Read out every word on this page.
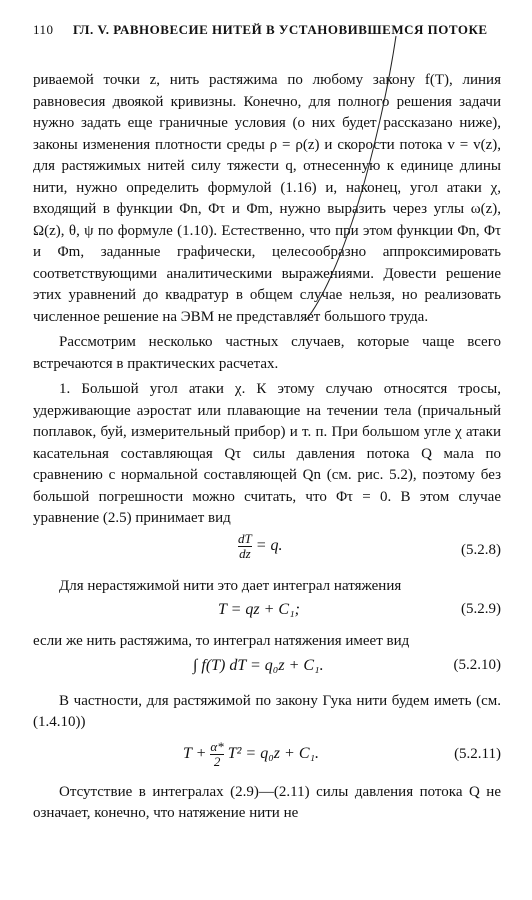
110	ГЛ. V. РАВНОВЕСИЕ НИТЕЙ В УСТАНОВИВШЕМСЯ ПОТОКЕ

риваемой точки z, нить растяжима по любому закону f(T), линия равновесия двоякой кривизны. Конечно, для полного решения задачи нужно задать еще граничные условия (о них будет рассказано ниже), законы изменения плотности среды ρ = ρ(z) и скорости потока v = v(z), для растяжимых нитей силу тяжести q, отнесенную к единице длины нити, нужно определить формулой (1.16) и, наконец, угол атаки χ, входящий в функции Φn, Φτ и Φm, нужно выразить через углы ω(z), Ω(z), θ, ψ по формуле (1.10). Естественно, что при этом функции Φn, Φτ и Φm, заданные графически, целесообразно аппроксимировать соответствующими аналитическими выражениями. Довести решение этих уравнений до квадратур в общем случае нельзя, но реализовать численное решение на ЭВМ не представляет большого труда.

Рассмотрим несколько частных случаев, которые чаще всего встречаются в практических расчетах.

1. Большой угол атаки χ. К этому случаю относятся тросы, удерживающие аэростат или плавающие на течении тела (причальный поплавок, буй, измерительный прибор) и т. п. При большом угле χ атаки касательная составляющая Qτ силы давления потока Q мала по сравнению с нормальной составляющей Qn (см. рис. 5.2), поэтому без большой погрешности можно считать, что Φτ = 0. В этом случае уравнение (2.5) принимает вид

$\frac{dT}{dz} = q$.	(5.2.8)

Для нерастяжимой нити это дает интеграл натяжения

T = qz + C₁;	(5.2.9)

если же нить растяжима, то интеграл натяжения имеет вид

∫ f(T) dT = q₀z + C₁.	(5.2.10)

В частности, для растяжимой по закону Гука нити будем иметь (см. (1.4.10))

$T + \frac{\alpha*}{2} T^2 = q_0z + C_1$.	(5.2.11)

Отсутствие в интегралах (2.9)—(2.11) силы давления потока Q не означает, конечно, что натяжение нити не
